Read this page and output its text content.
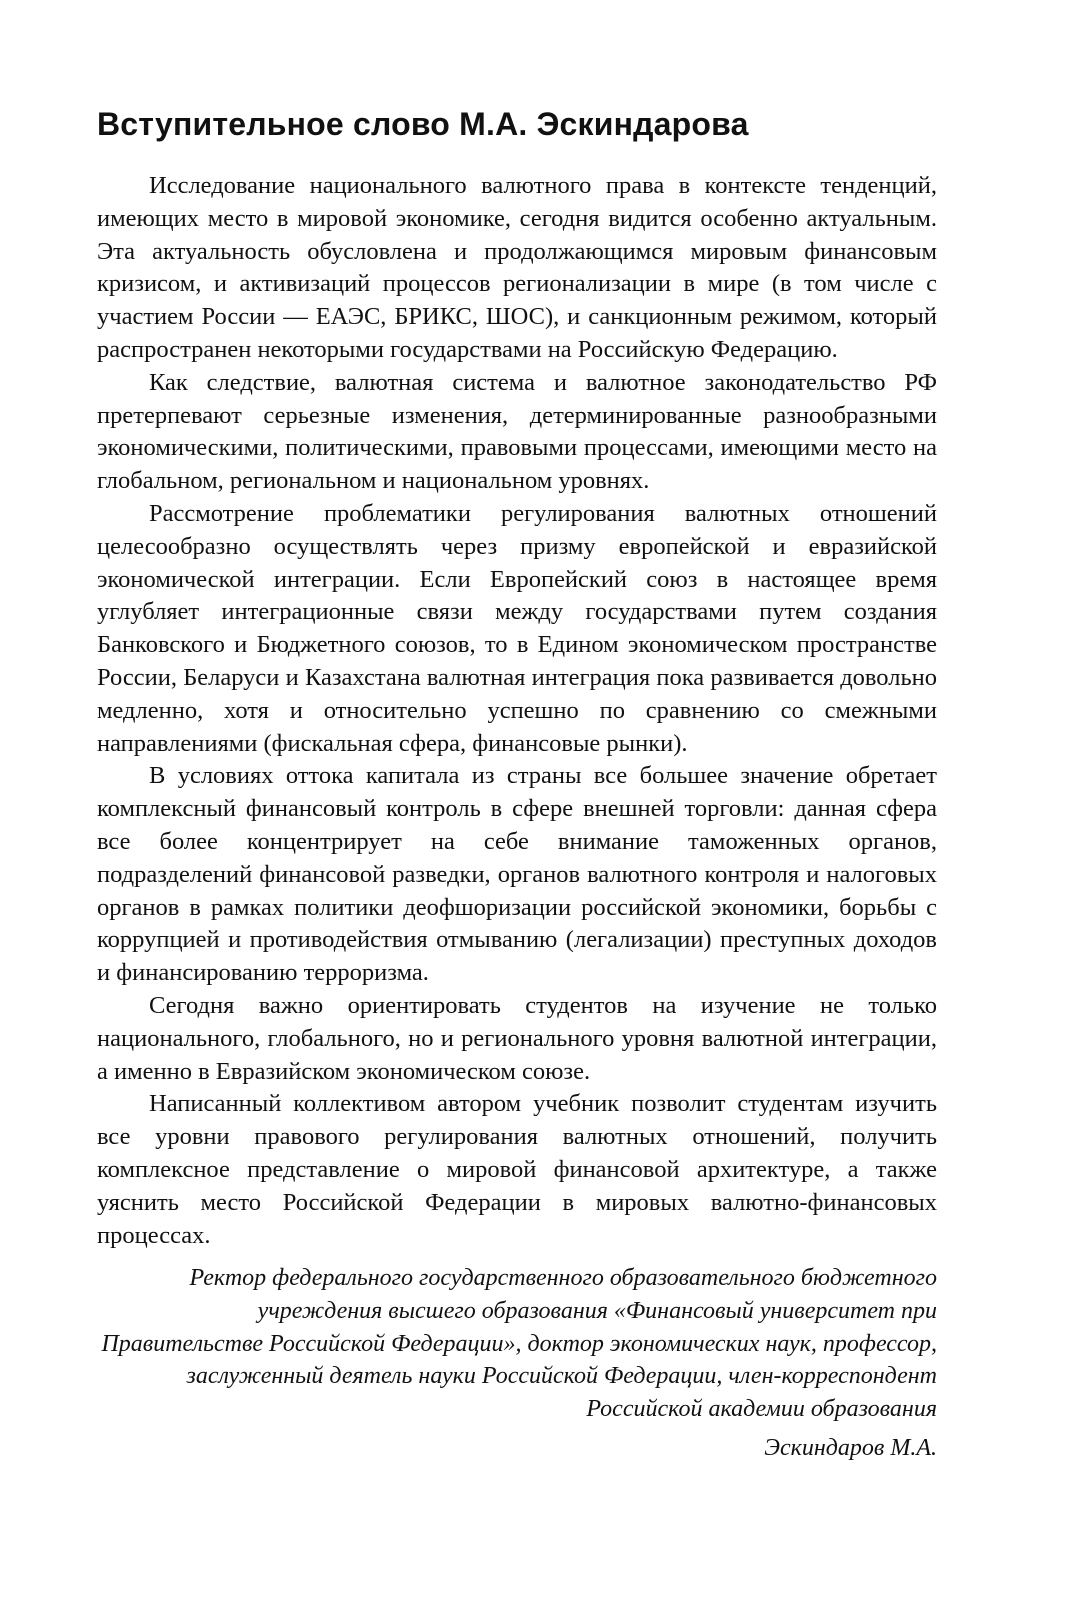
Вступительное слово М.А. Эскиндарова

Исследование национального валютного права в контексте тенденций, имеющих место в мировой экономике, сегодня видится особенно актуальным. Эта актуальность обусловлена и продолжающимся мировым финансовым кризисом, и активизаций процессов регионализации в мире (в том числе с участием России — ЕАЭС, БРИКС, ШОС), и санкционным режимом, который распространен некоторыми государствами на Российскую Федерацию.

Как следствие, валютная система и валютное законодательство РФ претерпевают серьезные изменения, детерминированные разнообразными экономическими, политическими, правовыми процессами, имеющими место на глобальном, региональном и национальном уровнях.

Рассмотрение проблематики регулирования валютных отношений целесообразно осуществлять через призму европейской и евразийской экономической интеграции. Если Европейский союз в настоящее время углубляет интеграционные связи между государствами путем создания Банковского и Бюджетного союзов, то в Едином экономическом пространстве России, Беларуси и Казахстана валютная интеграция пока развивается довольно медленно, хотя и относительно успешно по сравнению со смежными направлениями (фискальная сфера, финансовые рынки).

В условиях оттока капитала из страны все большее значение обретает комплексный финансовый контроль в сфере внешней торговли: данная сфера все более концентрирует на себе внимание таможенных органов, подразделений финансовой разведки, органов валютного контроля и налоговых органов в рамках политики деофшоризации российской экономики, борьбы с коррупцией и противодействия отмыванию (легализации) преступных доходов и финансированию терроризма.

Сегодня важно ориентировать студентов на изучение не только национального, глобального, но и регионального уровня валютной интеграции, а именно в Евразийском экономическом союзе.

Написанный коллективом автором учебник позволит студентам изучить все уровни правового регулирования валютных отношений, получить комплексное представление о мировой финансовой архитектуре, а также уяснить место Российской Федерации в мировых валютно-финансовых процессах.

Ректор федерального государственного образовательного бюджетного учреждения высшего образования «Финансовый университет при Правительстве Российской Федерации», доктор экономических наук, профессор, заслуженный деятель науки Российской Федерации, член-корреспондент Российской академии образования

Эскиндаров М.А.
